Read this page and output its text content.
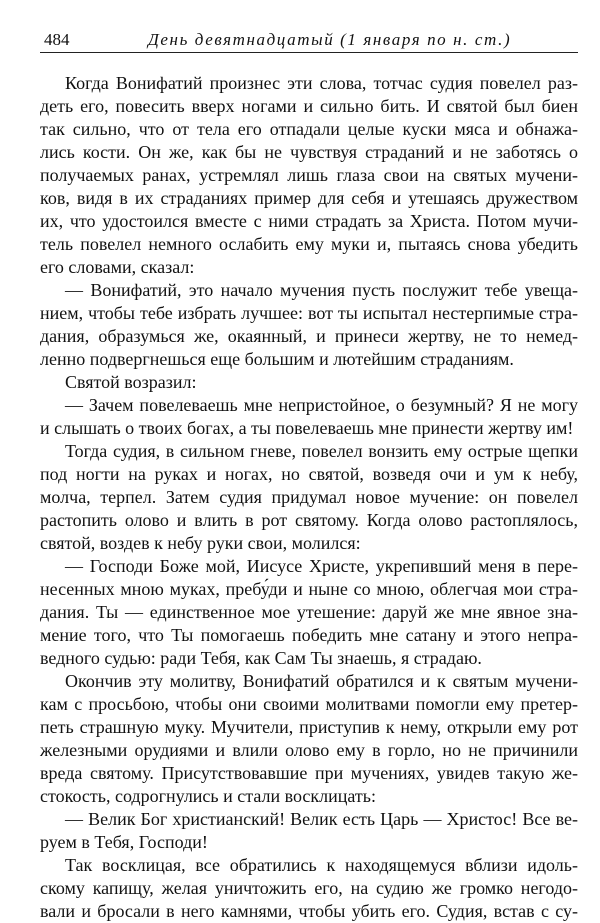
484	День девятнадцатый (1 января по н. ст.)
Когда Вонифатий произнес эти слова, тотчас судия повелел раз-
деть его, повесить вверх ногами и сильно бить. И святой был биен
так сильно, что от тела его отпадали целые куски мяса и обнажа-
лись кости. Он же, как бы не чувствуя страданий и не заботясь о
получаемых ранах, устремлял лишь глаза свои на святых мучени-
ков, видя в их страданиях пример для себя и утешаясь дружеством
их, что удостоился вместе с ними страдать за Христа. Потом мучи-
тель повелел немного ослабить ему муки и, пытаясь снова убедить
его словами, сказал:
— Вонифатий, это начало мучения пусть послужит тебе увеща-
нием, чтобы тебе избрать лучшее: вот ты испытал нестерпимые стра-
дания, образумься же, окаянный, и принеси жертву, не то немед-
ленно подвергнешься еще большим и лютейшим страданиям.
Святой возразил:
— Зачем повелеваешь мне непристойное, о безумный? Я не могу
и слышать о твоих богах, а ты повелеваешь мне принести жертву им!
Тогда судия, в сильном гневе, повелел вонзить ему острые щепки
под ногти на руках и ногах, но святой, возведя очи и ум к небу,
молча, терпел. Затем судия придумал новое мучение: он повелел
растопить олово и влить в рот святому. Когда олово растоплялось,
святой, воздев к небу руки свои, молился:
— Господи Боже мой, Иисусе Христе, укрепивший меня в пере-
несенных мною муках, пребу́ди и ныне со мною, облегчая мои стра-
дания. Ты — единственное мое утешение: даруй же мне явное зна-
мение того, что Ты помогаешь победить мне сатану и этого непра-
ведного судью: ради Тебя, как Сам Ты знаешь, я страдаю.
Окончив эту молитву, Вонифатий обратился и к святым мучени-
кам с просьбою, чтобы они своими молитвами помогли ему претер-
петь страшную муку. Мучители, приступив к нему, открыли ему рот
железными орудиями и влили олово ему в горло, но не причинили
вреда святому. Присутствовавшие при мучениях, увидев такую же-
стокость, содрогнулись и стали восклицать:
— Велик Бог христианский! Велик есть Царь — Христос! Все ве-
руем в Тебя, Господи!
Так восклицая, все обратились к находящемуся вблизи идоль-
скому капищу, желая уничтожить его, на судию же громко негодо-
вали и бросали в него камнями, чтобы убить его. Судия, встав с су-
